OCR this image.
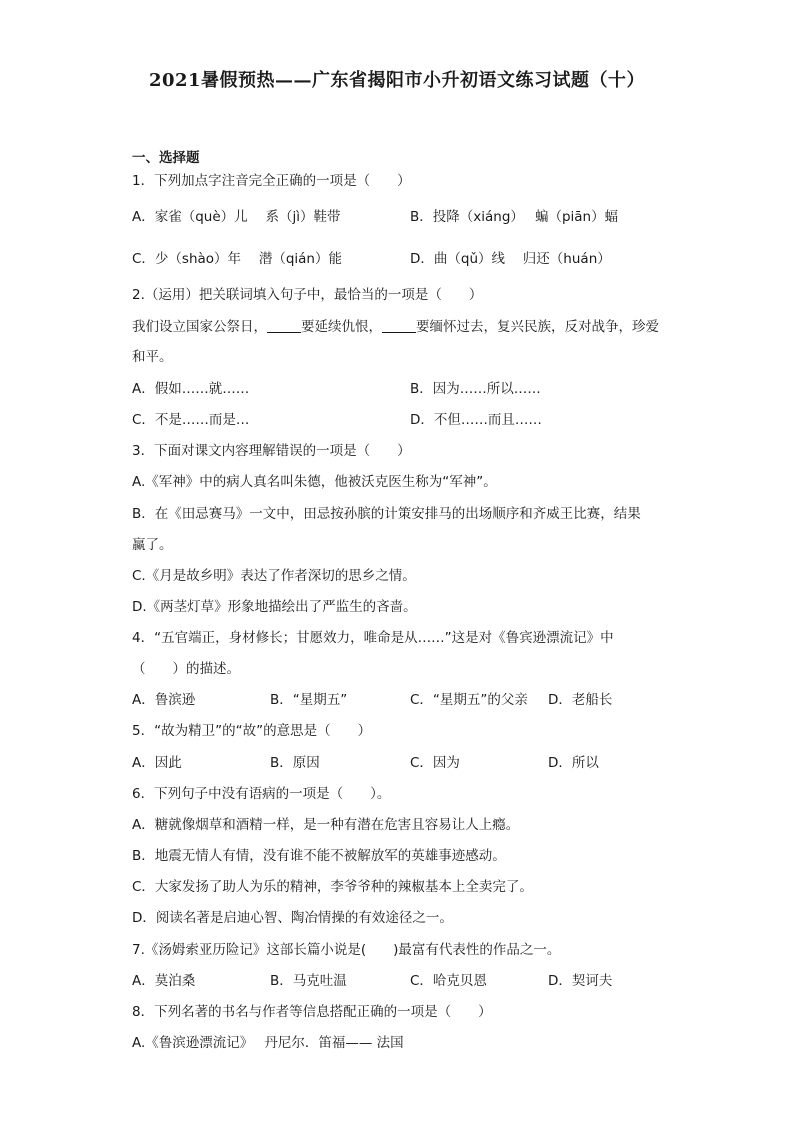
2021暑假预热——广东省揭阳市小升初语文练习试题（十）
一、选择题
1．下列加点字注音完全正确的一项是（　　）
A．家雀（què）儿　 系（jì）鞋带	B．投降（xiáng）　 蝙（piān）蝠
C．少（shào）年　 潜（qián）能	D．曲（qǔ）线　 归还（huán）
2.（运用）把关联词填入句子中，最恰当的一项是（　　）
我们设立国家公祭日，	要延续仇恨，	要缅怀过去，复兴民族，反对战争，珍爱
和平。
A．假如……就……	B．因为……所以……
C．不是……而是…	D．不但……而且……
3．下面对课文内容理解错误的一项是（　　）
A.《军神》中的病人真名叫朱德，他被沃克医生称为“军神”。
B．在《田忌赛马》一文中，田忌按孙膑的计策安排马的出场顺序和齐威王比赛，结果
赢了。
C.《月是故乡明》表达了作者深切的思乡之情。
D.《两茎灯草》形象地描绘出了严监生的吝啬。
4．“五官端正，身材修长；甘愿效力，唯命是从……”这是对《鲁宾逊漂流记》中
（　　）的描述。
A．鲁滨逊	B．“星期五”	C．“星期五”的父亲 D．老船长
5．“故为精卫”的“故”的意思是（　　）
A．因此	B．原因	C．因为	D．所以
6．下列句子中没有语病的一项是（　　）。
A．糖就像烟草和酒精一样，是一种有潜在危害且容易让人上瘾。
B．地震无情人有情，没有谁不能不被解放军的英雄事迹感动。
C．大家发扬了助人为乐的精神，李爷爷种的辣椒基本上全卖完了。
D．阅读名著是启迪心智、陶冶情操的有效途径之一。
7.《汤姆索亚历险记》这部长篇小说是(　　)最富有代表性的作品之一。
A．莫泊桑	B．马克吐温	C．哈克贝恩	D．契诃夫
8．下列名著的书名与作者等信息搭配正确的一项是（　　）
A.《鲁滨逊漂流记》　 丹尼尔．笛福—— 法国
